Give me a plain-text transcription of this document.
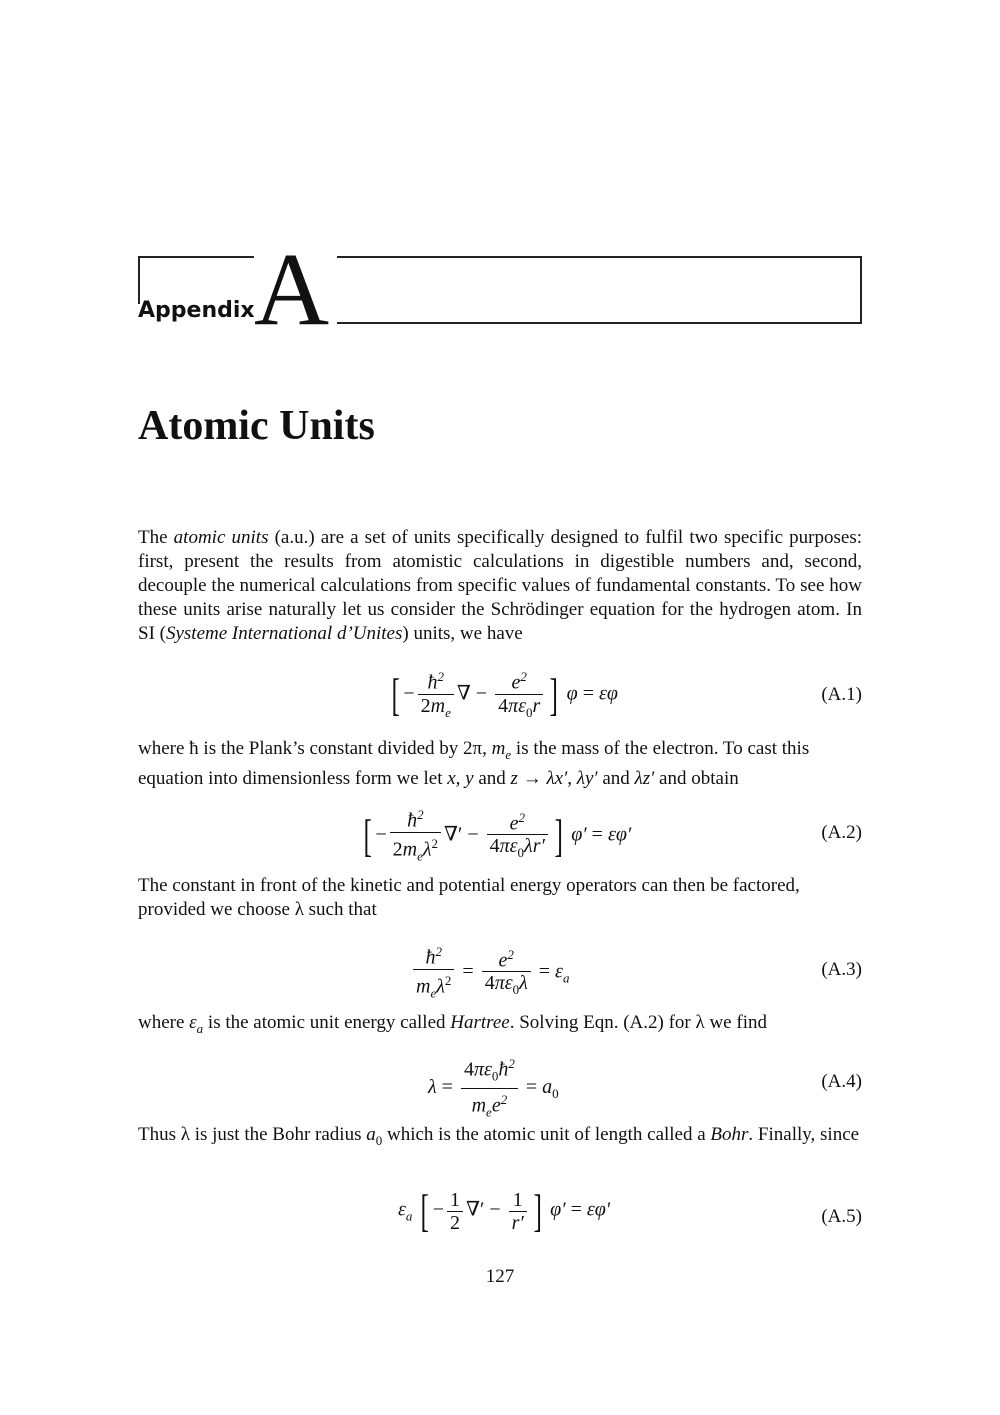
Appendix A
Atomic Units

The atomic units (a.u.) are a set of units specifically designed to fulfil two specific purposes: first, present the results from atomistic calculations in digestible numbers and, second, decouple the numerical calculations from specific values of fundamental constants. To see how these units arise naturally let us consider the Schrödinger equation for the hydrogen atom. In SI (Systeme International d’Unites) units, we have

[ − $\frac{ħ^2}{2m_e}$ ∇ − $\frac{e^2}{4\pi\varepsilon_0r}$ ] φ = εφ	(A.1)

where ħ is the Plank’s constant divided by 2π, $m_e$ is the mass of the electron. To cast this equation into dimensionless form we let x, y and z → λx′, λy′ and λz′ and obtain

[ − $\frac{ħ^2}{2m_e\lambda^2}$ ∇′ − $\frac{e^2}{4\pi\varepsilon_0\lambda r'}$ ] φ′ = εφ′	(A.2)

The constant in front of the kinetic and potential energy operators can then be factored, provided we choose λ such that

$\frac{ħ^2}{m_e\lambda^2} = \frac{e^2}{4\pi\varepsilon_0\lambda} = \varepsilon_a$	(A.3)

where $\varepsilon_a$ is the atomic unit energy called Hartree. Solving Eqn. (A.2) for λ we find

$\lambda = \frac{4\pi\varepsilon_0ħ^2}{m_ee^2} = a_0$
(A.4)

Thus λ is just the Bohr radius $a_0$ which is the atomic unit of length called a Bohr. Finally, since

$\varepsilon_a$ [ − $\frac{1}{2}$ ∇′ − $\frac{1}{r'}$ ] φ′ = εφ′	(A.5)
127
